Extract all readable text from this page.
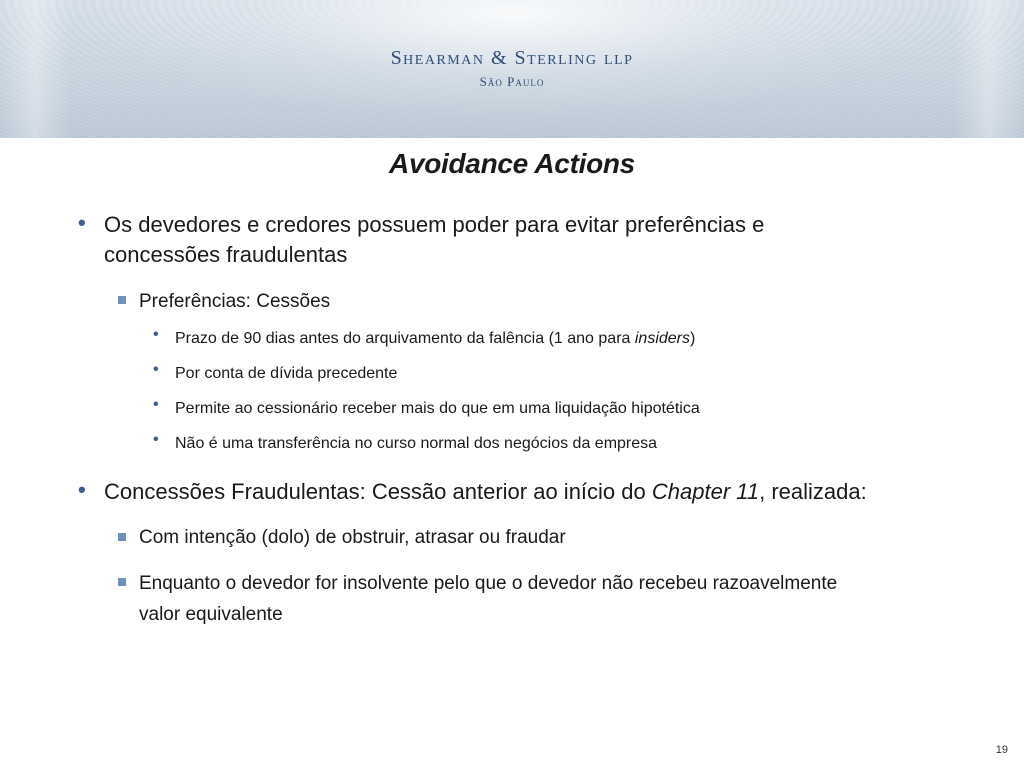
Shearman & Sterling llp
São Paulo
Avoidance Actions
• Os devedores e credores possuem poder para evitar preferências e
concessões fraudulentas
Preferências: Cessões
• Prazo de 90 dias antes do arquivamento da falência (1 ano para insiders)
• Por conta de dívida precedente
• Permite ao cessionário receber mais do que em uma liquidação hipotética
• Não é uma transferência no curso normal dos negócios da empresa
• Concessões Fraudulentas: Cessão anterior ao início do Chapter 11, realizada:
Com intenção (dolo) de obstruir, atrasar ou fraudar
Enquanto o devedor for insolvente pelo que o devedor não recebeu razoavelmente
valor equivalente
19
